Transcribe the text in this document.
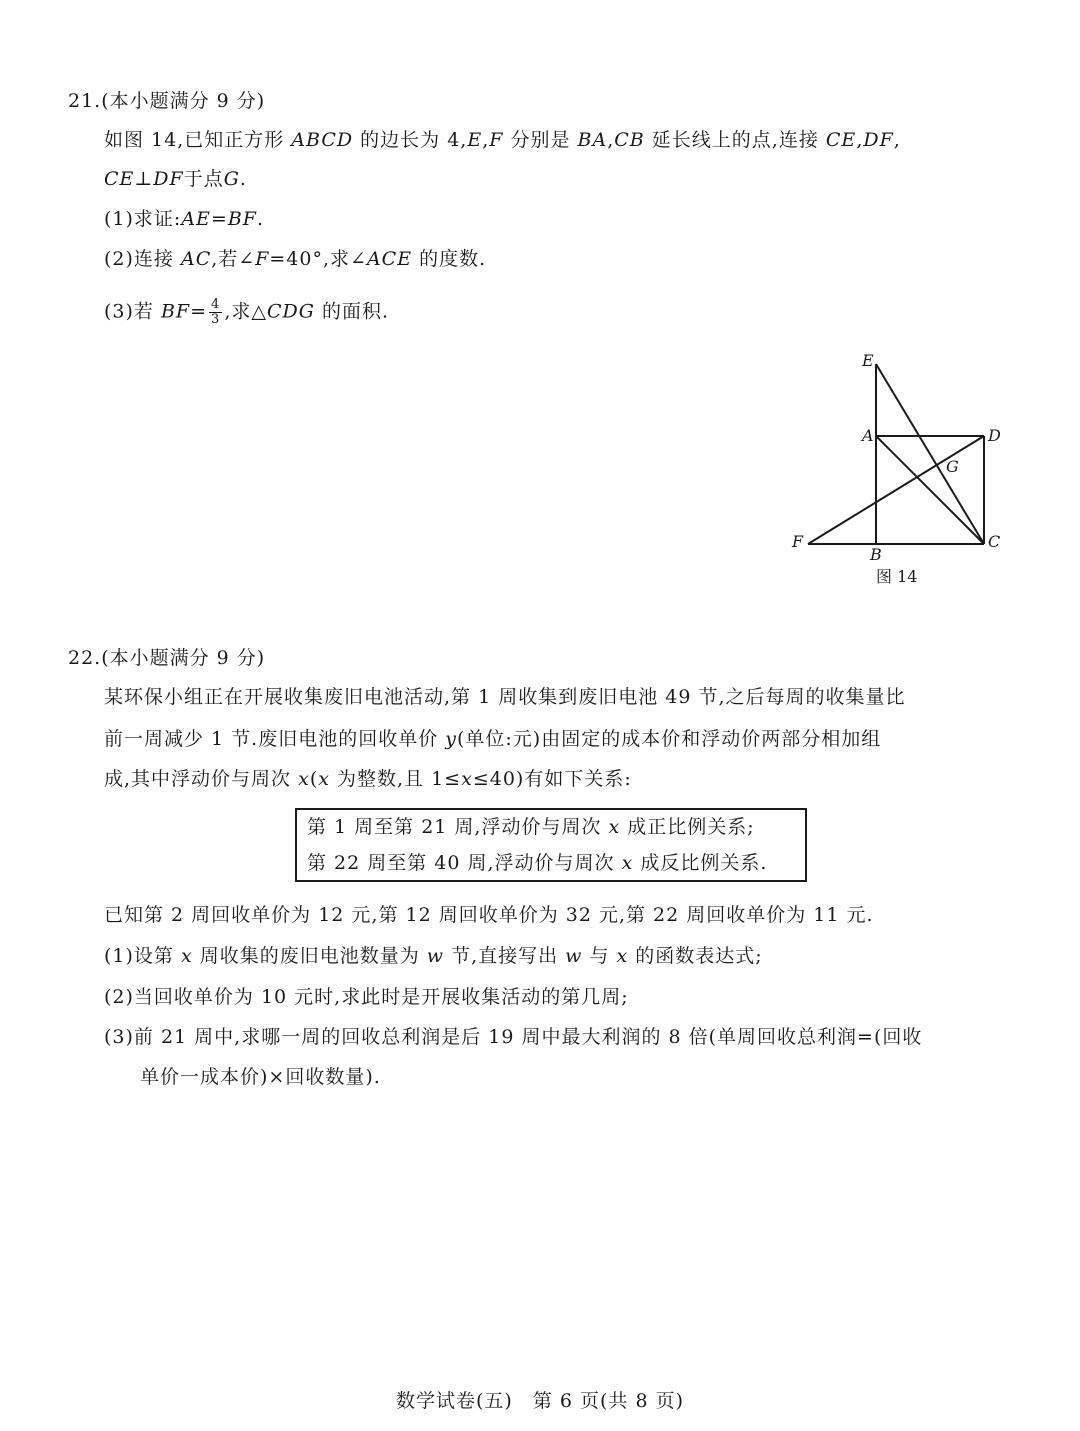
21.(本小题满分 9 分)
如图 14,已知正方形 ABCD 的边长为 4,E,F 分别是 BA,CB 延长线上的点,连接 CE,DF,
CE⊥DF于点G.
(1)求证:AE=BF.
(2)连接 AC,若∠F=40°,求∠ACE 的度数.
(3)若 $BF= \frac{4}{3}$ ,求△CDG 的面积.
E
A	D
G
F
B
C
图 14
22.(本小题满分 9 分)
某环保小组正在开展收集废旧电池活动,第 1 周收集到废旧电池 49 节,之后每周的收集量比
前一周减少 1 节.废旧电池的回收单价 y(单位:元)由固定的成本价和浮动价两部分相加组
成,其中浮动价与周次 x(x 为整数,且 1≤x≤40)有如下关系:
第 1 周至第 21 周,浮动价与周次 x 成正比例关系;
第 22 周至第 40 周,浮动价与周次 x 成反比例关系.
已知第 2 周回收单价为 12 元,第 12 周回收单价为 32 元,第 22 周回收单价为 11 元.
(1)设第 x 周收集的废旧电池数量为 w 节,直接写出 w 与 x 的函数表达式;
(2)当回收单价为 10 元时,求此时是开展收集活动的第几周;
(3)前 21 周中,求哪一周的回收总利润是后 19 周中最大利润的 8 倍(单周回收总利润=(回收
单价一成本价)×回收数量).
数学试卷(五)　第 6 页(共 8 页)
